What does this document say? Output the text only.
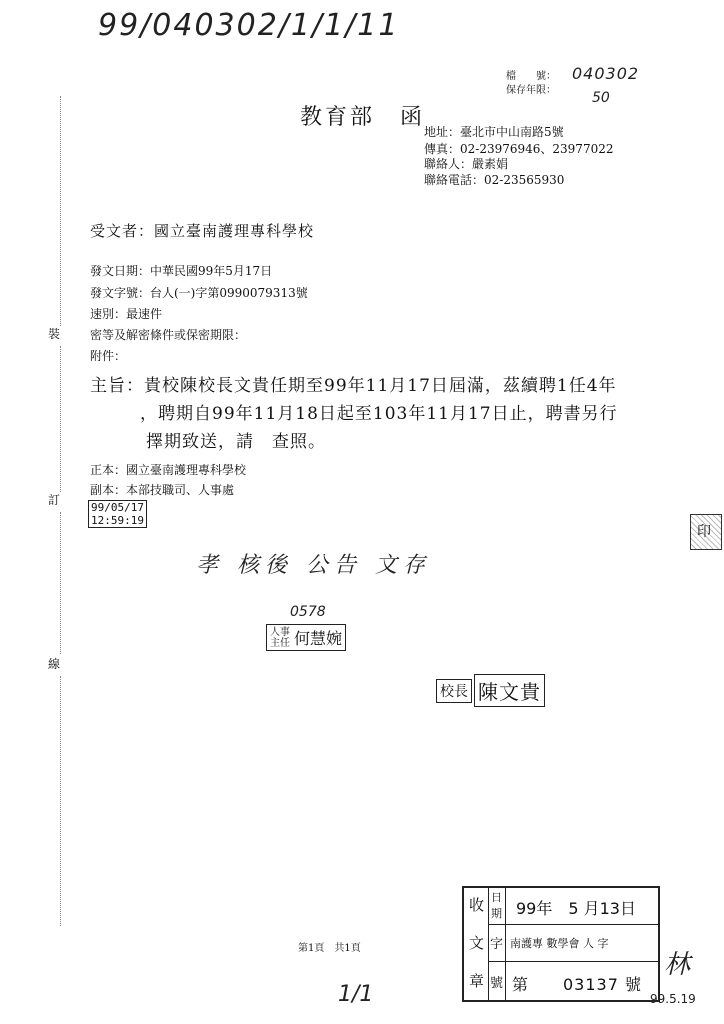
99/040302/1/1/11
檔　　號： 040302
保存年限：	50
教育部　函
地址：臺北市中山南路5號
傳真：02-23976946、23977022
聯絡人：嚴素娟
聯絡電話：02-23565930
裝
訂
線
受文者：國立臺南護理專科學校
發文日期：中華民國99年5月17日
發文字號：台人(一)字第0990079313號
速別：最速件
密等及解密條件或保密期限：
附件：
主旨：貴校陳校長文貴任期至99年11月17日屆滿，茲續聘1任4年
，聘期自99年11月18日起至103年11月17日止，聘書另行
擇期致送，請　查照。
正本：國立臺南護理專科學校
副本：本部技職司、人事處
99/05/17
12:59:19
印
孝 核後 公告 文存
0578
人事主任 何慧婉
校長 陳文貴
收
文
章
日期 99年　5 月13日
字 南護專 數學會 人 字
號 第　　03137 號
99.5.19
林
第1頁　共1頁
1/1
